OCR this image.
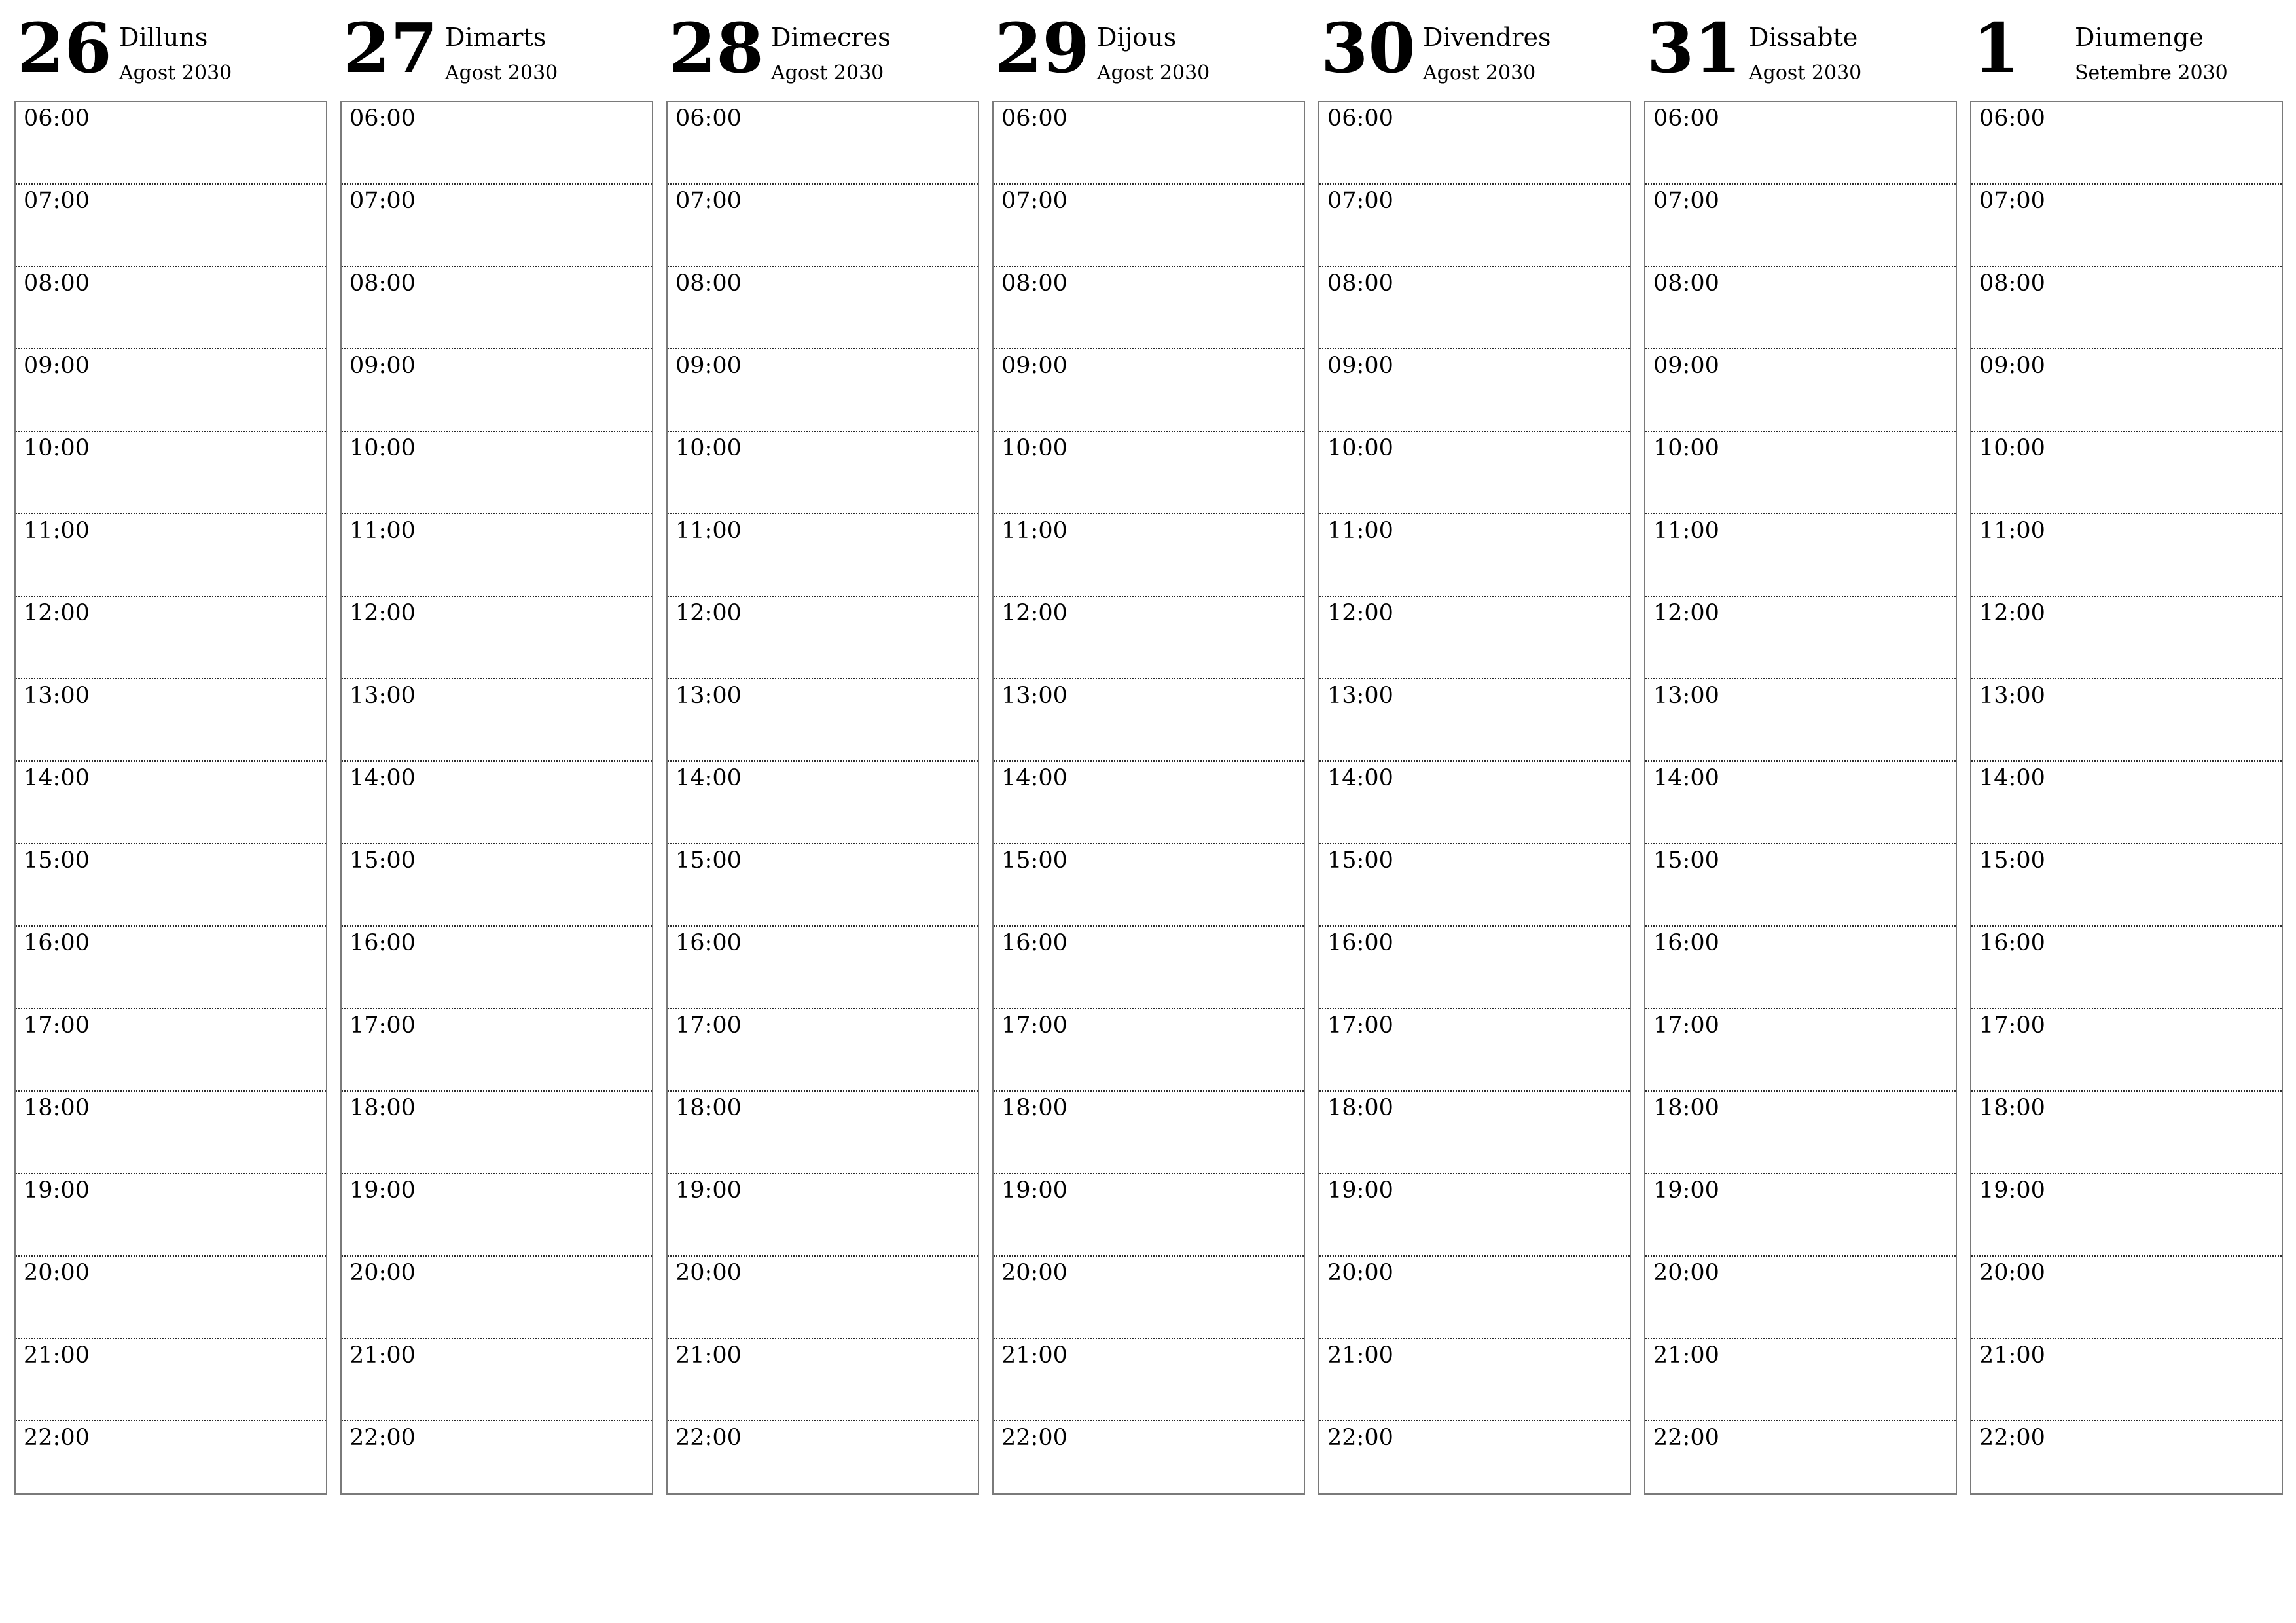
26 Dilluns
Agost 2030
06:00
07:00
08:00
09:00
10:00
11:00
12:00
13:00
14:00
15:00
16:00
17:00
18:00
19:00
20:00
21:00
22:00
27 Dimarts
Agost 2030
06:00
07:00
08:00
09:00
10:00
11:00
12:00
13:00
14:00
15:00
16:00
17:00
18:00
19:00
20:00
21:00
22:00
28 Dimecres
Agost 2030
06:00
07:00
08:00
09:00
10:00
11:00
12:00
13:00
14:00
15:00
16:00
17:00
18:00
19:00
20:00
21:00
22:00
29 Dijous
Agost 2030
06:00
07:00
08:00
09:00
10:00
11:00
12:00
13:00
14:00
15:00
16:00
17:00
18:00
19:00
20:00
21:00
22:00
30 Divendres
Agost 2030
06:00
07:00
08:00
09:00
10:00
11:00
12:00
13:00
14:00
15:00
16:00
17:00
18:00
19:00
20:00
21:00
22:00
31 Dissabte
Agost 2030
06:00
07:00
08:00
09:00
10:00
11:00
12:00
13:00
14:00
15:00
16:00
17:00
18:00
19:00
20:00
21:00
22:00
1 Diumenge
Setembre 2030
06:00
07:00
08:00
09:00
10:00
11:00
12:00
13:00
14:00
15:00
16:00
17:00
18:00
19:00
20:00
21:00
22:00
